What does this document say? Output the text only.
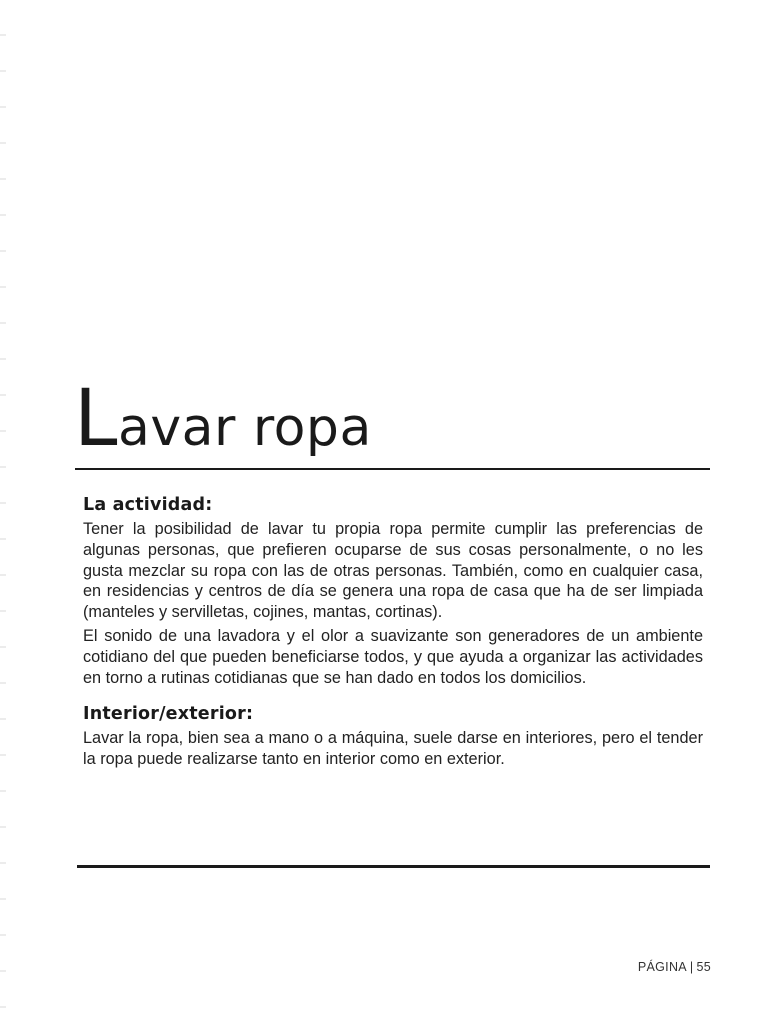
Lavar ropa
La actividad:

Tener la posibilidad de lavar tu propia ropa permite cumplir las preferencias de algunas personas, que prefieren ocuparse de sus cosas personalmente, o no les gusta mezclar su ropa con las de otras personas. También, como en cualquier casa, en residencias y centros de día se genera una ropa de casa que ha de ser limpiada (manteles y servilletas, cojines, mantas, cortinas).

El sonido de una lavadora y el olor a suavizante son generadores de un ambiente cotidiano del que pueden beneficiarse todos, y que ayuda a organizar las actividades en torno a rutinas cotidianas que se han dado en todos los domicilios.

Interior/exterior:

Lavar la ropa, bien sea a mano o a máquina, suele darse en interiores, pero el tender la ropa puede realizarse tanto en interior como en exterior.

PÁGINA | 55
